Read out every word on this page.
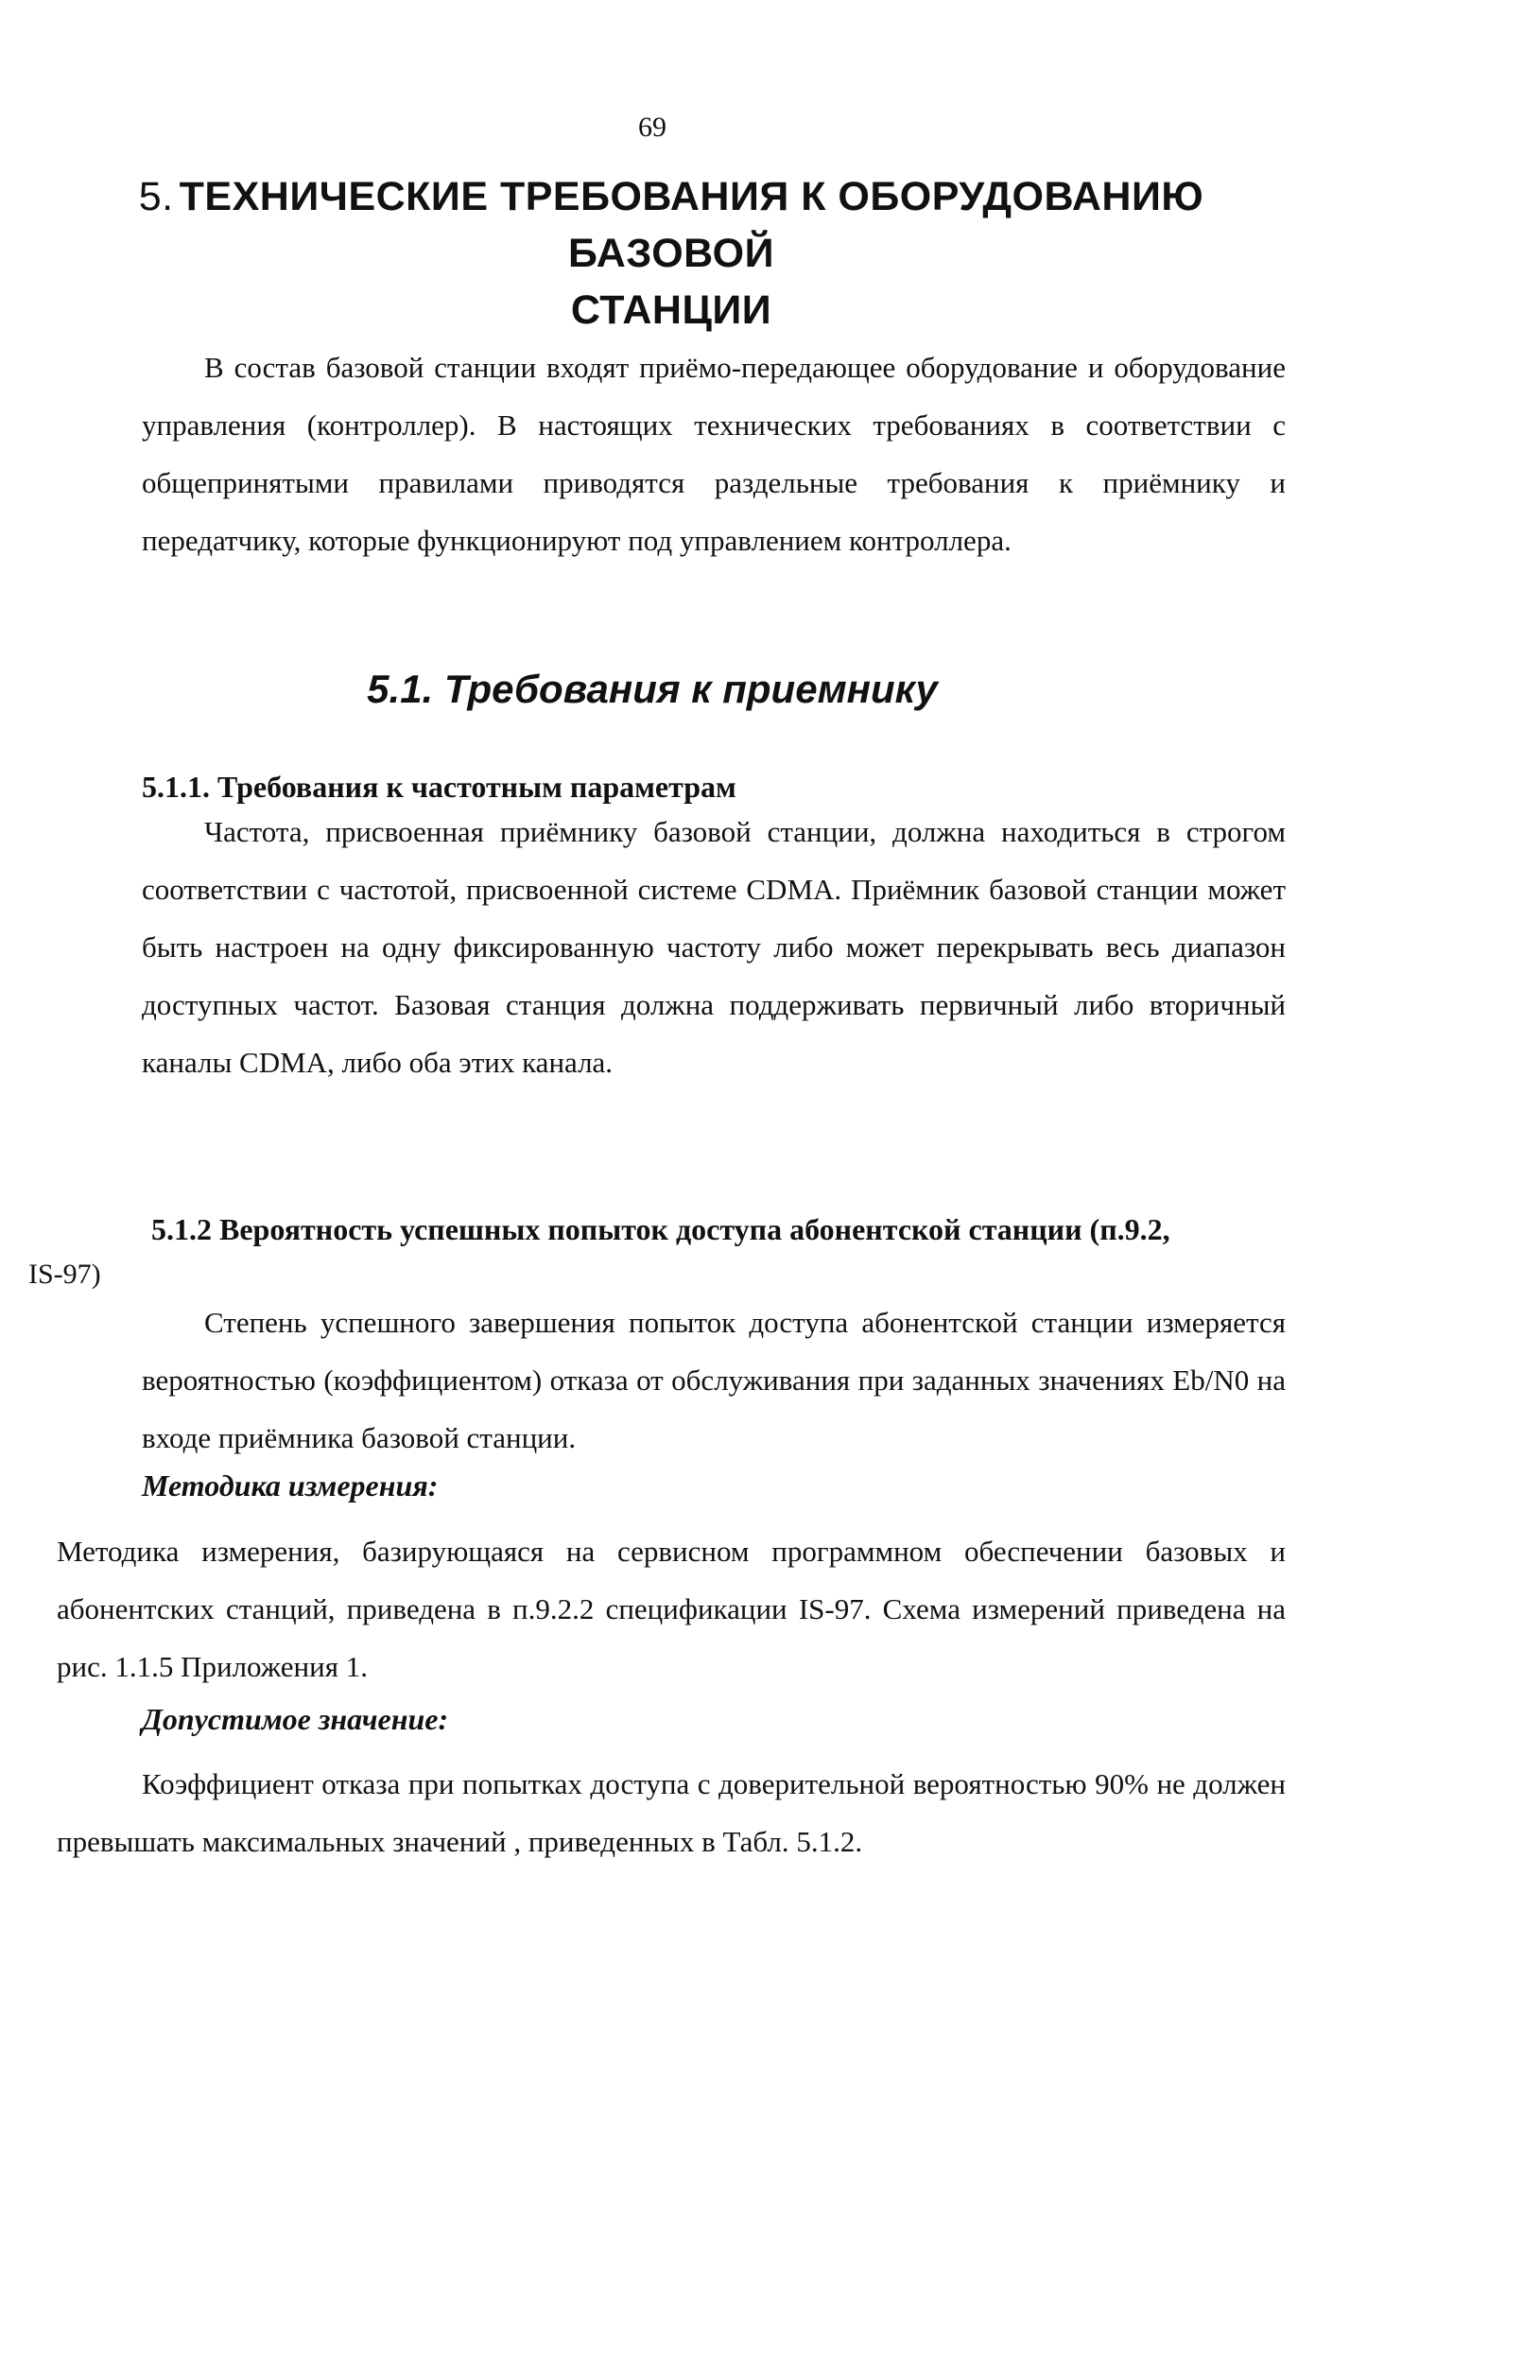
69
5. ТЕХНИЧЕСКИЕ ТРЕБОВАНИЯ К ОБОРУДОВАНИЮ БАЗОВОЙ
СТАНЦИИ

В состав базовой станции входят приёмо-передающее оборудование и оборудование управления (контроллер). В настоящих технических требованиях в соответствии с общепринятыми правилами приводятся раздельные требования к приёмнику и передатчику, которые функционируют под управлением контроллера.

5.1. Требования к приемнику
5.1.1. Требования к частотным параметрам

Частота, присвоенная приёмнику базовой станции, должна находиться в строгом соответствии с частотой, присвоенной системе CDMA. Приёмник базовой станции может быть настроен на одну фиксированную частоту либо может перекрывать весь диапазон доступных частот. Базовая станция должна поддерживать первичный либо вторичный каналы CDMA, либо оба этих канала.

5.1.2 Вероятность успешных попыток доступа абонентской станции (п.9.2,
IS-97)

Степень успешного завершения попыток доступа абонентской станции измеряется вероятностью (коэффициентом) отказа от обслуживания при заданных значениях Eb/N0 на входе приёмника базовой станции.

Методика измерения:

Методика измерения, базирующаяся на сервисном программном обеспечении базовых и абонентских станций, приведена в п.9.2.2 спецификации IS-97. Схема измерений приведена на рис. 1.1.5 Приложения 1.

Допустимое значение:

Коэффициент отказа при попытках доступа с доверительной вероятностью 90% не должен превышать максимальных значений , приведенных в Табл. 5.1.2.
